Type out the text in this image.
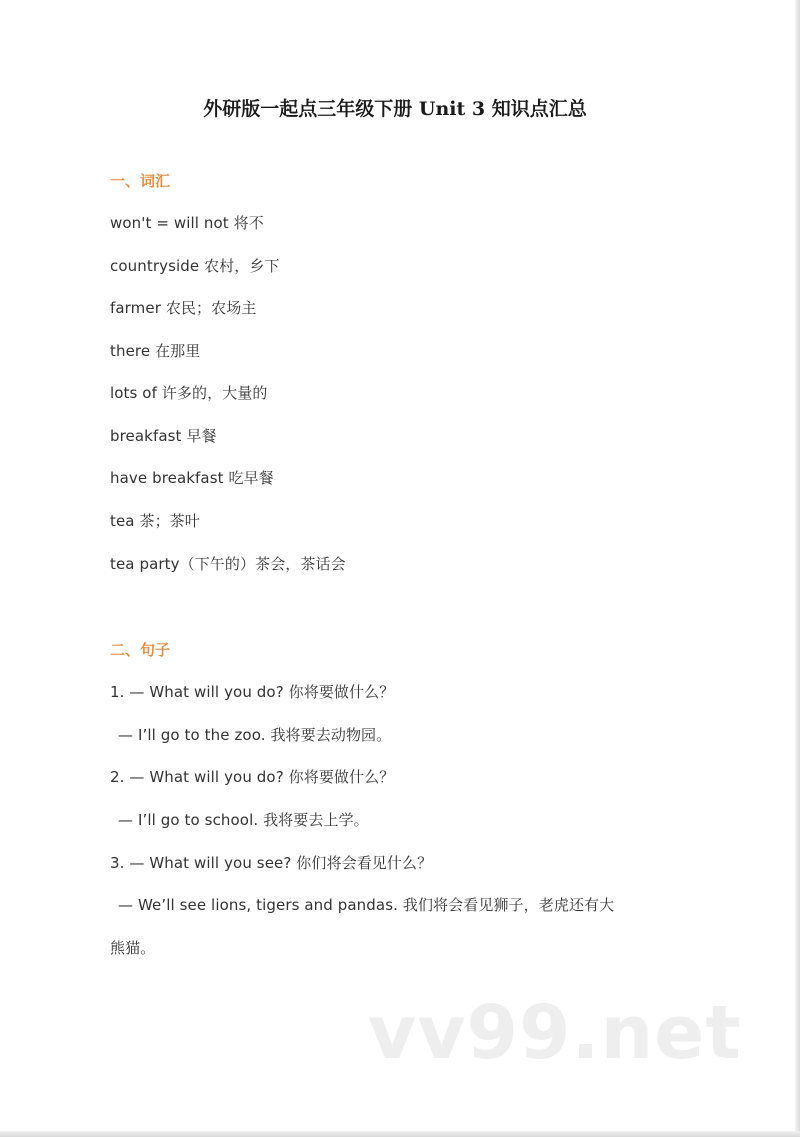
外研版一起点三年级下册 Unit 3 知识点汇总
一、词汇
won't = will not 将不
countryside 农村，乡下
farmer 农民；农场主
there 在那里
lots of 许多的，大量的
breakfast 早餐
have breakfast 吃早餐
tea 茶；茶叶
tea party（下午的）茶会，茶话会
二、句子
1. — What will you do? 你将要做什么？
— I’ll go to the zoo. 我将要去动物园。
2. — What will you do? 你将要做什么？
— I’ll go to school. 我将要去上学。
3. — What will you see? 你们将会看见什么？
— We’ll see lions, tigers and pandas. 我们将会看见狮子，老虎还有大
熊猫。
vv99.net
